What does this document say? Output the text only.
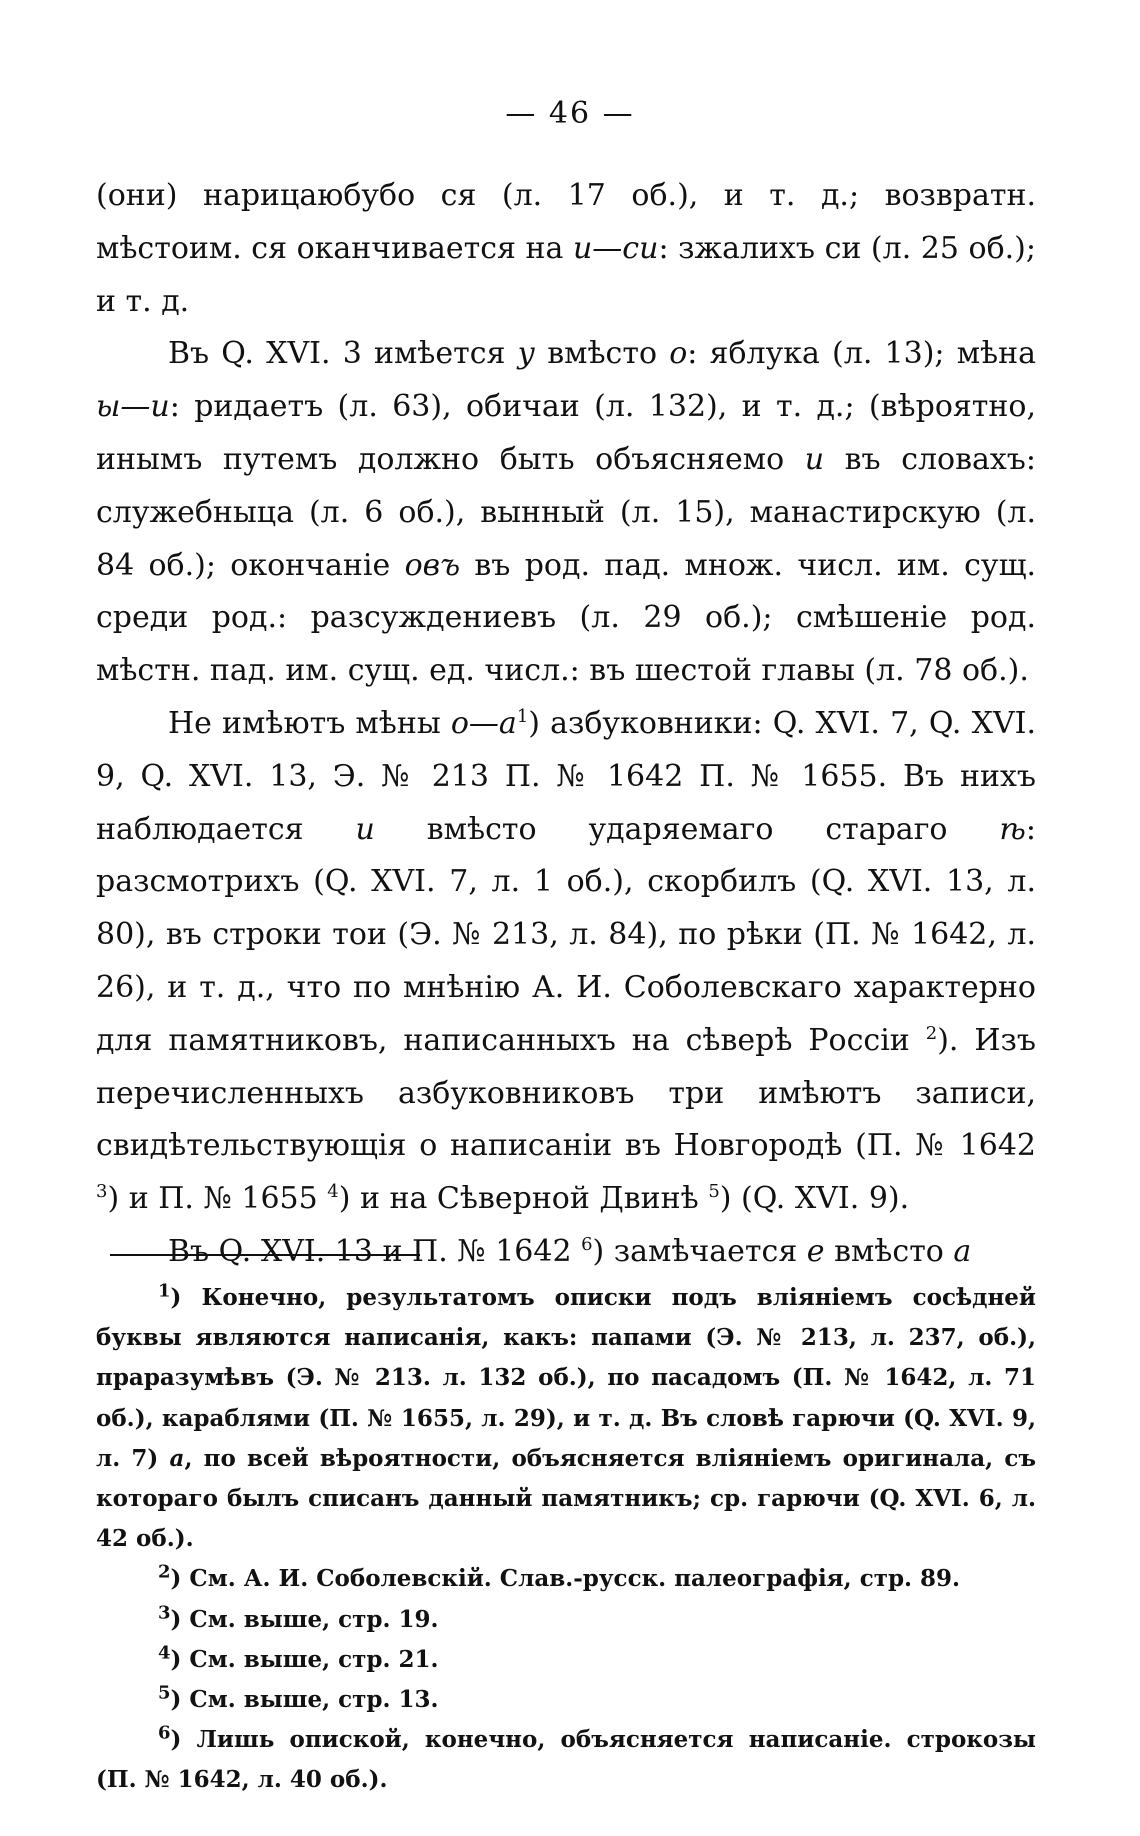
— 46 —

(они) нарицаюбубо ся (л. 17 об.), и т. д.; возвратн. мѣстоим. ся оканчивается на и—си: зжалихъ си (л. 25 об.); и т. д.

Въ Q. XVI. 3 имѣется у вмѣсто о: яблука (л. 13); мѣна ы—и: ридаетъ (л. 63), обичаи (л. 132), и т. д.; (вѣроятно, инымъ путемъ должно быть объясняемо и въ словахъ: служебныца (л. 6 об.), вынный (л. 15), манастирскую (л. 84 об.); окончанiе овъ въ род. пад. множ. числ. им. сущ. среди род.: разсуждениевъ (л. 29 об.); смѣшенiе род. мѣстн. пад. им. сущ. ед. числ.: въ шестой главы (л. 78 об.).

Не имѣютъ мѣны о—а$^1$) азбуковники: Q. XVI. 7, Q. XVI. 9, Q. XVI. 13, Э. № 213 П. № 1642 П. № 1655. Въ нихъ наблюдается и вмѣсто ударяемаго стараго ѣ: разсмотрихъ (Q. XVI. 7, л. 1 об.), скорбилъ (Q. XVI. 13, л. 80), въ строки тои (Э. № 213, л. 84), по рѣки (П. № 1642, л. 26), и т. д., что по мнѣнiю А. И. Соболевскаго характерно для памятниковъ, написанныхъ на сѣверѣ Россiи $^2$). Изъ перечисленныхъ азбуковниковъ три имѣютъ записи, свидѣтельствующiя о написанiи въ Новгородѣ (П. № 1642 $^3$) и П. № 1655 $^4$) и на Сѣверной Двинѣ $^5$) (Q. XVI. 9).

Въ Q. XVI. 13 и П. № 1642 $^6$) замѣчается е вмѣсто а

$^1$) Конечно, результатомъ описки подъ влiянiемъ сосѣдней буквы являются написанiя, какъ: папами (Э. № 213, л. 237, об.), праразумѣвъ (Э. № 213. л. 132 об.), по пасадомъ (П. № 1642, л. 71 об.), караблями (П. № 1655, л. 29), и т. д. Въ словѣ гарючи (Q. XVI. 9, л. 7) а, по всей вѣроятности, объясняется влiянiемъ оригинала, съ котораго былъ списанъ данный памятникъ; ср. гарючи (Q. XVI. 6, л. 42 об.).

$^2$) См. А. И. Соболевскiй. Слав.-русск. палеографiя, стр. 89.

$^3$) См. выше, стр. 19.

$^4$) См. выше, стр. 21.

$^5$) См. выше, стр. 13.

$^6$) Лишь опиской, конечно, объясняется написанiе. строкозы (П. № 1642, л. 40 об.).
